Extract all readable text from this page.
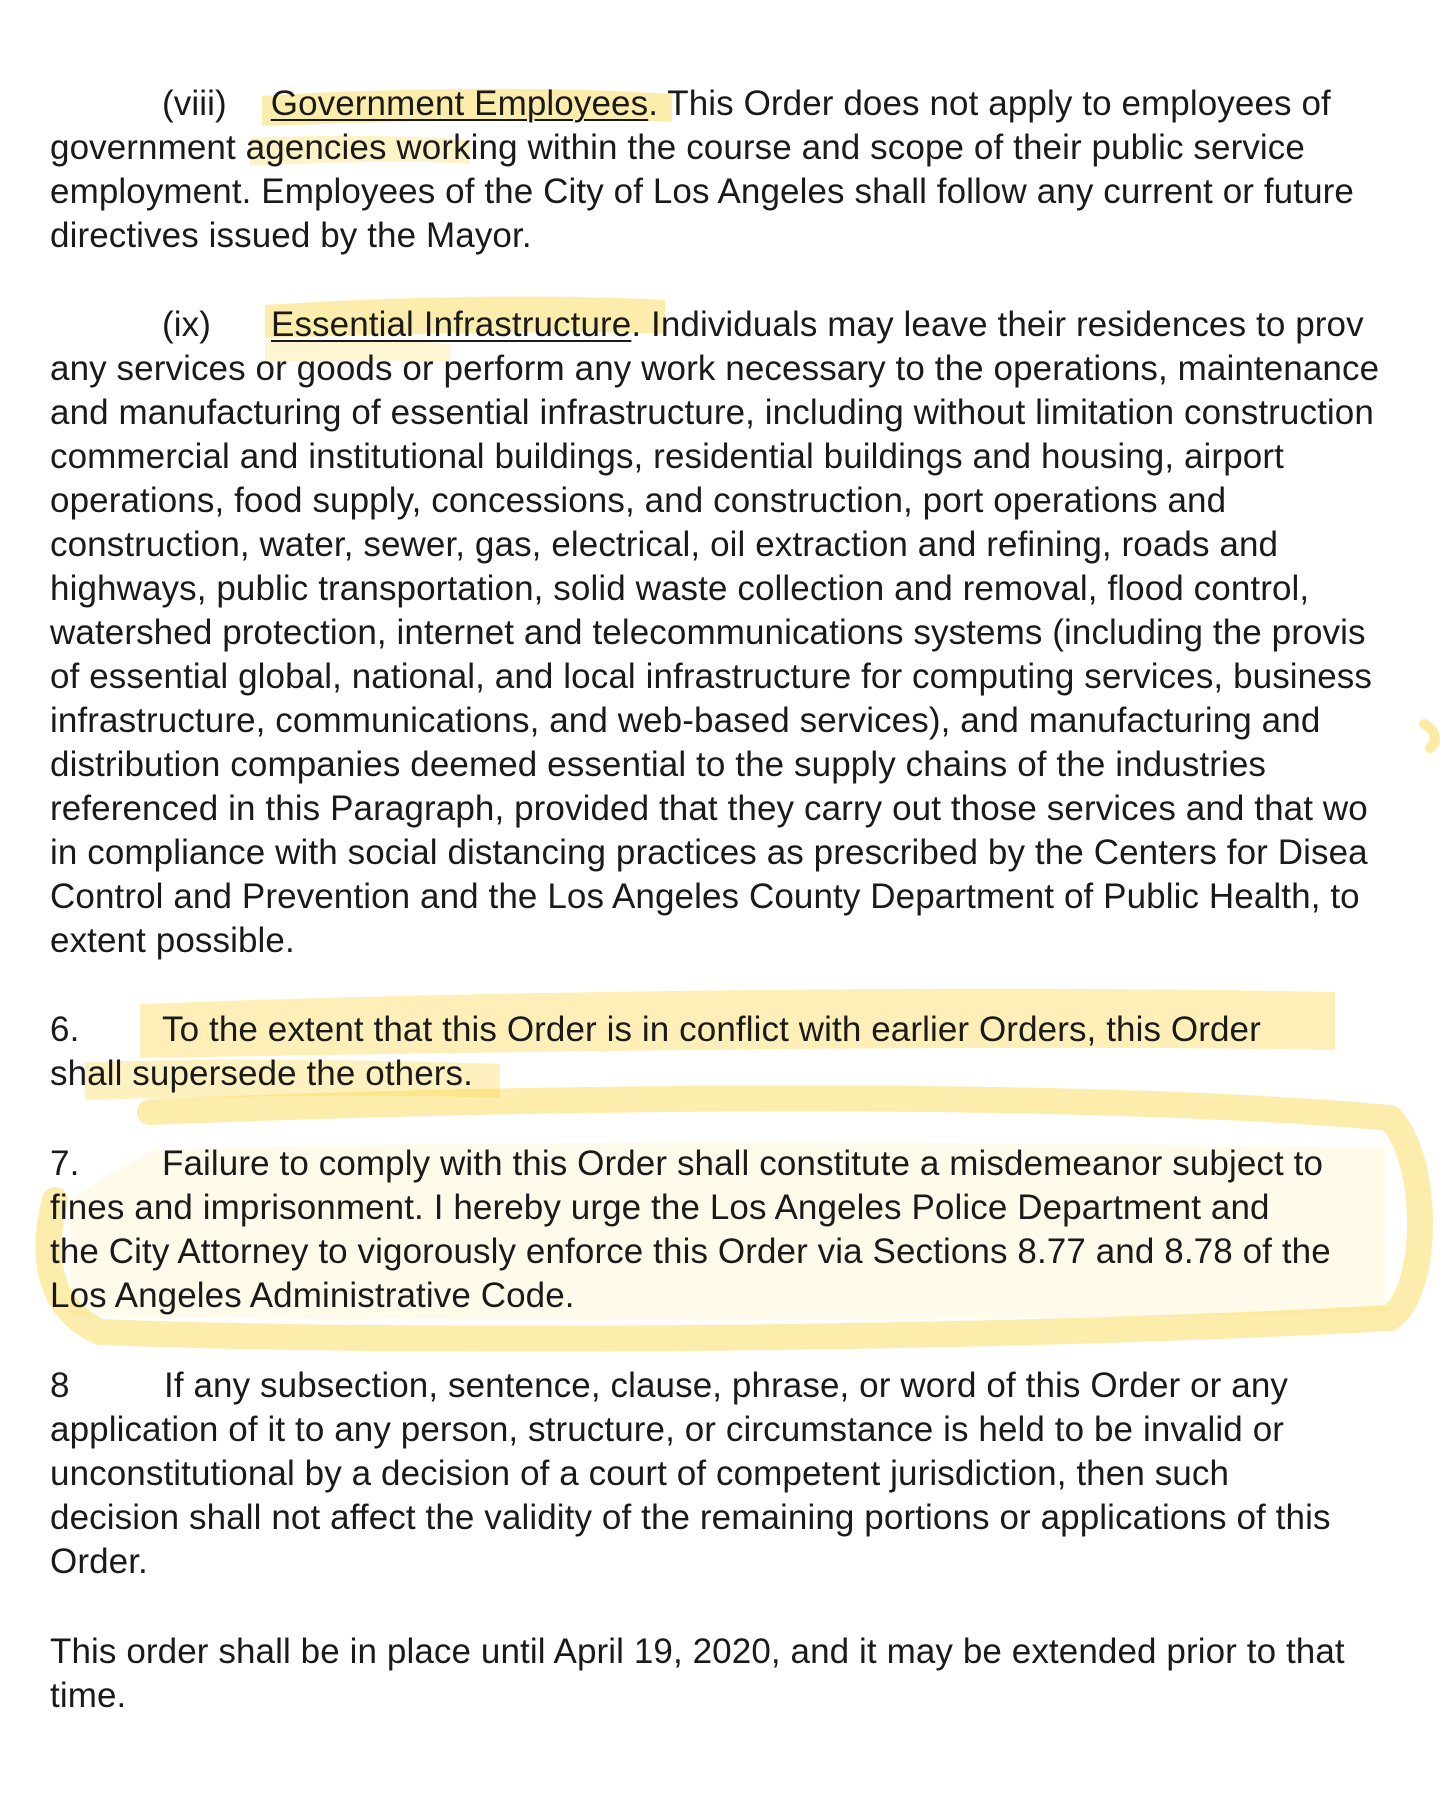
(viii) Government Employees. This Order does not apply to employees of
government agencies working within the course and scope of their public service
employment. Employees of the City of Los Angeles shall follow any current or future
directives issued by the Mayor.
(ix) Essential Infrastructure. Individuals may leave their residences to prov
any services or goods or perform any work necessary to the operations, maintenance
and manufacturing of essential infrastructure, including without limitation construction
commercial and institutional buildings, residential buildings and housing, airport
operations, food supply, concessions, and construction, port operations and
construction, water, sewer, gas, electrical, oil extraction and refining, roads and
highways, public transportation, solid waste collection and removal, flood control,
watershed protection, internet and telecommunications systems (including the provis
of essential global, national, and local infrastructure for computing services, business
infrastructure, communications, and web-based services), and manufacturing and
distribution companies deemed essential to the supply chains of the industries
referenced in this Paragraph, provided that they carry out those services and that wo
in compliance with social distancing practices as prescribed by the Centers for Disea
Control and Prevention and the Los Angeles County Department of Public Health, to
extent possible.
6. To the extent that this Order is in conflict with earlier Orders, this Order
shall supersede the others.
7. Failure to comply with this Order shall constitute a misdemeanor subject to
fines and imprisonment. I hereby urge the Los Angeles Police Department and
the City Attorney to vigorously enforce this Order via Sections 8.77 and 8.78 of the
Los Angeles Administrative Code.
8	If any subsection, sentence, clause, phrase, or word of this Order or any
application of it to any person, structure, or circumstance is held to be invalid or
unconstitutional by a decision of a court of competent jurisdiction, then such
decision shall not affect the validity of the remaining portions or applications of this
Order.
This order shall be in place until April 19, 2020, and it may be extended prior to that
time.
